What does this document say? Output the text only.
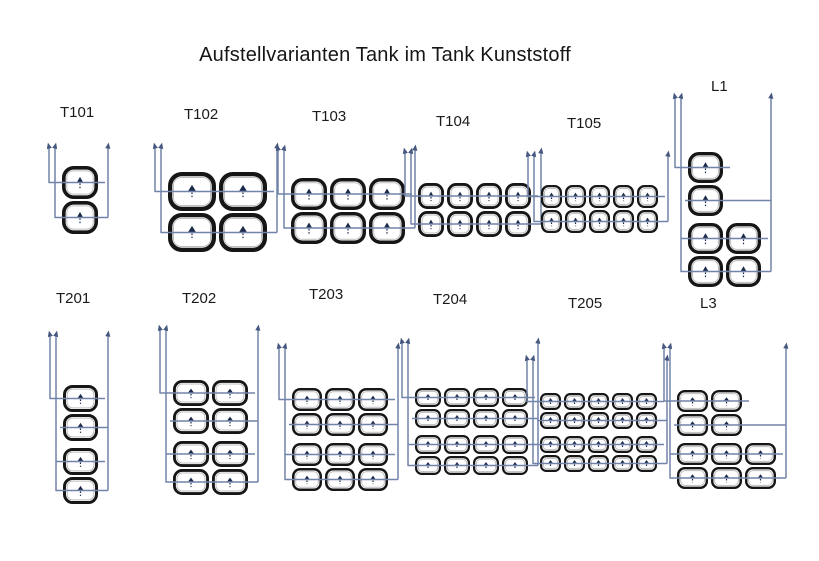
Aufstellvarianten Tank im Tank Kunststoff
T101	T102	T103	T104	T105
L1
T201	T202	T203	T204	T205	L3
